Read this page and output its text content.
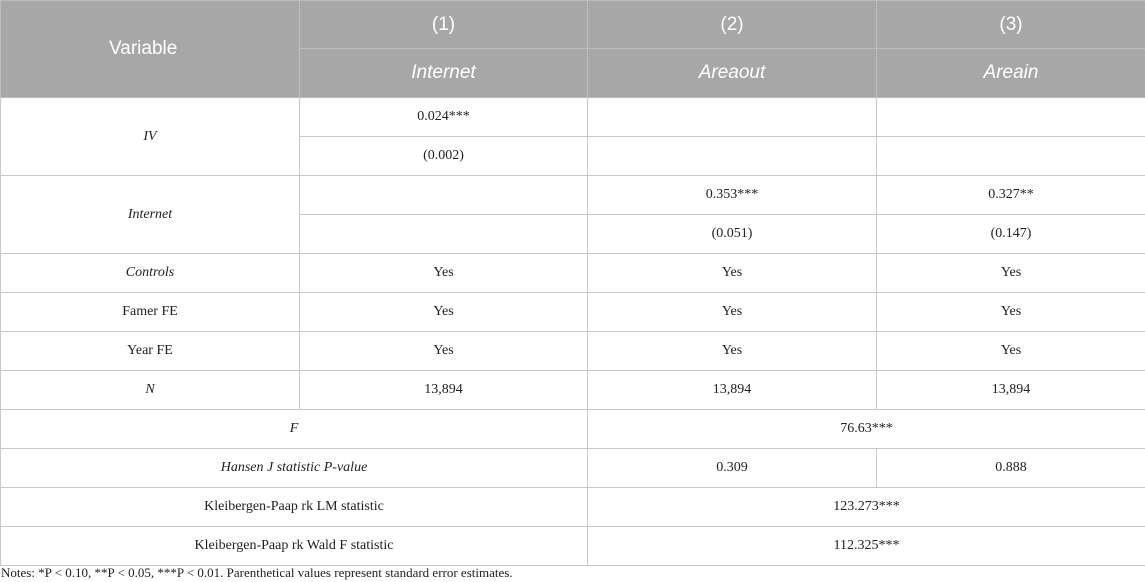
Variable	(1)	(2)	(3)
	Internet	Areaout	Areain
IV	0.024***		
	(0.002)		
Internet		0.353***	0.327**
		(0.051)	(0.147)
Controls	Yes	Yes	Yes
Famer FE	Yes	Yes	Yes
Year FE	Yes	Yes	Yes
N	13,894	13,894	13,894
F		76.63***	
Hansen J statistic P-value		0.309	0.888
Kleibergen-Paap rk LM statistic		123.273***	
Kleibergen-Paap rk Wald F statistic		112.325***	
Notes: *P < 0.10, **P < 0.05, ***P < 0.01. Parenthetical values represent standard error estimates.
